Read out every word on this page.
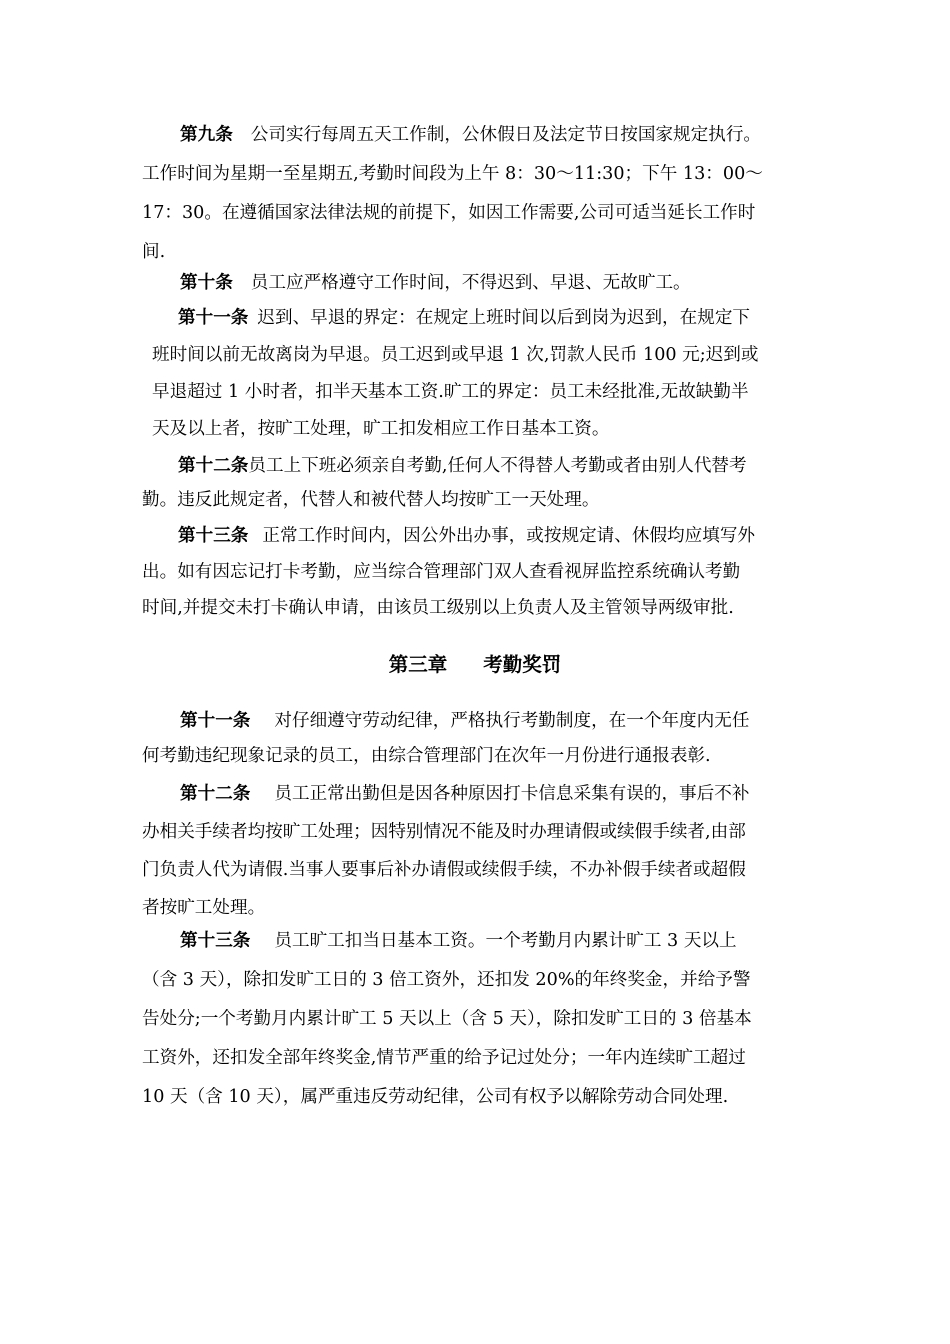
第九条 公司实行每周五天工作制，公休假日及法定节日按国家规定执行。
工作时间为星期一至星期五,考勤时间段为上午 8：30～11:30；下午 13：00～
17：30。在遵循国家法律法规的前提下，如因工作需要,公司可适当延长工作时
间.
第十条 员工应严格遵守工作时间，不得迟到、早退、无故旷工。
第十一条 迟到、早退的界定：在规定上班时间以后到岗为迟到，在规定下
班时间以前无故离岗为早退。员工迟到或早退 1 次,罚款人民币 100 元;迟到或
早退超过 1 小时者，扣半天基本工资.旷工的界定：员工未经批准,无故缺勤半
天及以上者，按旷工处理，旷工扣发相应工作日基本工资。
第十二条员工上下班必须亲自考勤,任何人不得替人考勤或者由别人代替考
勤。违反此规定者，代替人和被代替人均按旷工一天处理。
第十三条 正常工作时间内，因公外出办事，或按规定请、休假均应填写外
出。如有因忘记打卡考勤，应当综合管理部门双人查看视屏监控系统确认考勤
时间,并提交未打卡确认申请，由该员工级别以上负责人及主管领导两级审批.
第三章 考勤奖罚
第十一条 对仔细遵守劳动纪律，严格执行考勤制度，在一个年度内无任
何考勤违纪现象记录的员工，由综合管理部门在次年一月份进行通报表彰.
第十二条 员工正常出勤但是因各种原因打卡信息采集有误的，事后不补
办相关手续者均按旷工处理；因特别情况不能及时办理请假或续假手续者,由部
门负责人代为请假.当事人要事后补办请假或续假手续，不办补假手续者或超假
者按旷工处理。
第十三条 员工旷工扣当日基本工资。一个考勤月内累计旷工 3 天以上
（含 3 天），除扣发旷工日的 3 倍工资外，还扣发 20%的年终奖金，并给予警
告处分;一个考勤月内累计旷工 5 天以上（含 5 天），除扣发旷工日的 3 倍基本
工资外，还扣发全部年终奖金,情节严重的给予记过处分；一年内连续旷工超过
10 天（含 10 天），属严重违反劳动纪律，公司有权予以解除劳动合同处理.
